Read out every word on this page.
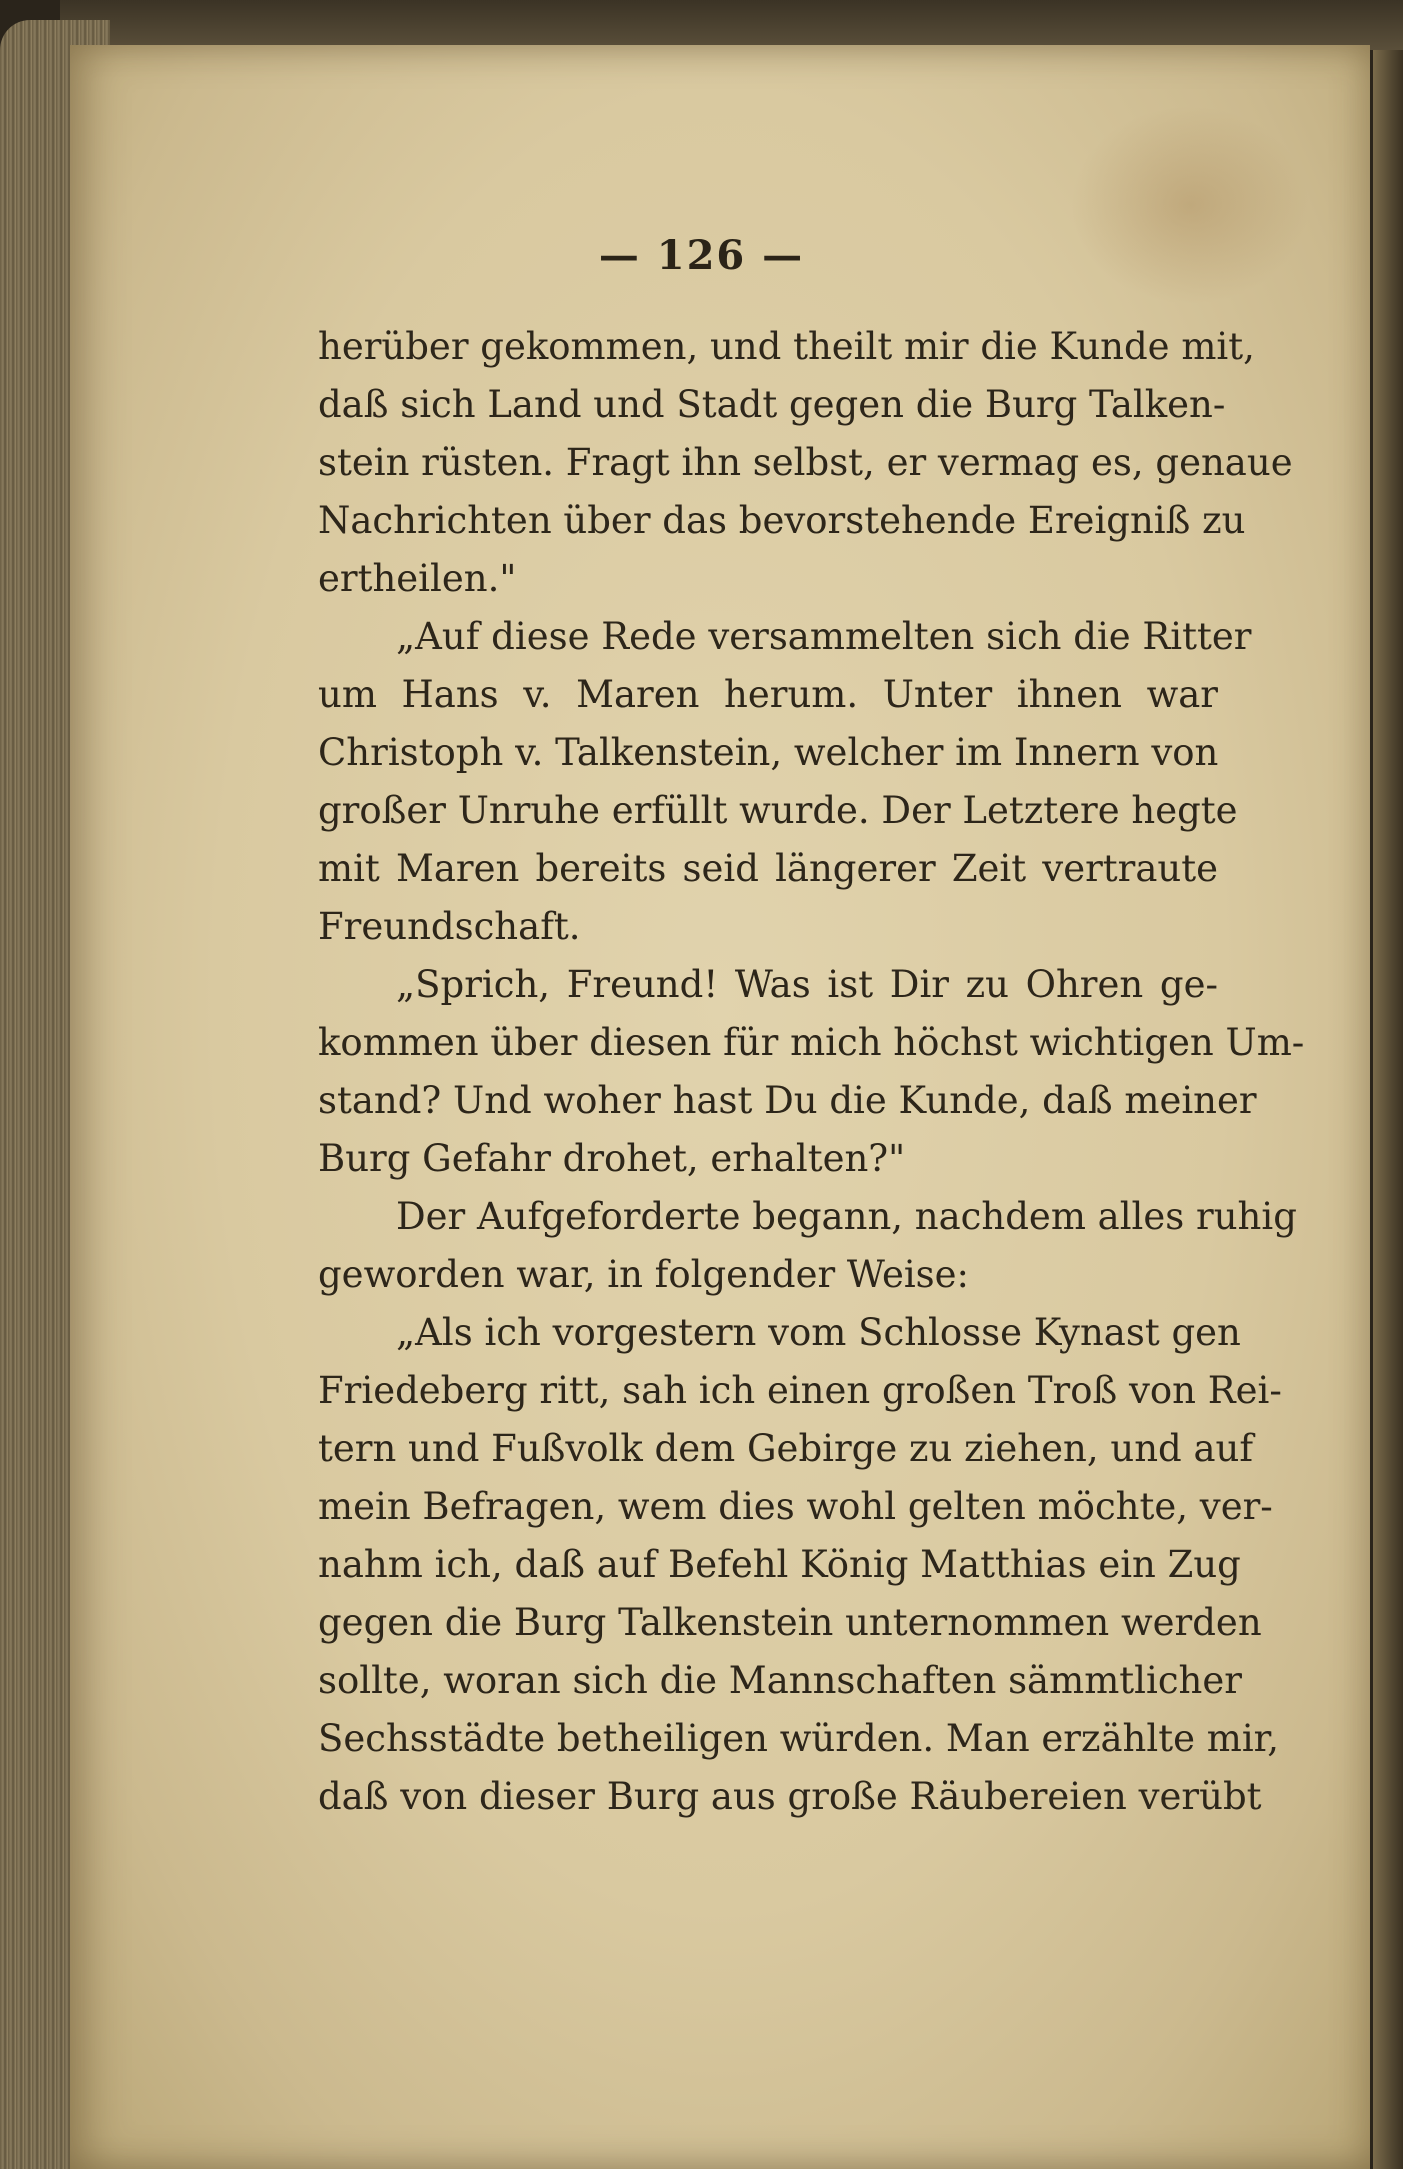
— 126 —
herüber gekommen, und theilt mir die Kunde mit,
daß sich Land und Stadt gegen die Burg Talken-
stein rüsten. Fragt ihn selbst, er vermag es, genaue
Nachrichten über das bevorstehende Ereigniß zu
ertheilen."
„Auf diese Rede versammelten sich die Ritter
um Hans v. Maren herum. Unter ihnen war
Christoph v. Talkenstein, welcher im Innern von
großer Unruhe erfüllt wurde. Der Letztere hegte
mit Maren bereits seid längerer Zeit vertraute
Freundschaft.
„Sprich, Freund! Was ist Dir zu Ohren ge-
kommen über diesen für mich höchst wichtigen Um-
stand? Und woher hast Du die Kunde, daß meiner
Burg Gefahr drohet, erhalten?"
Der Aufgeforderte begann, nachdem alles ruhig
geworden war, in folgender Weise:
„Als ich vorgestern vom Schlosse Kynast gen
Friedeberg ritt, sah ich einen großen Troß von Rei-
tern und Fußvolk dem Gebirge zu ziehen, und auf
mein Befragen, wem dies wohl gelten möchte, ver-
nahm ich, daß auf Befehl König Matthias ein Zug
gegen die Burg Talkenstein unternommen werden
sollte, woran sich die Mannschaften sämmtlicher
Sechsstädte betheiligen würden. Man erzählte mir,
daß von dieser Burg aus große Räubereien verübt
